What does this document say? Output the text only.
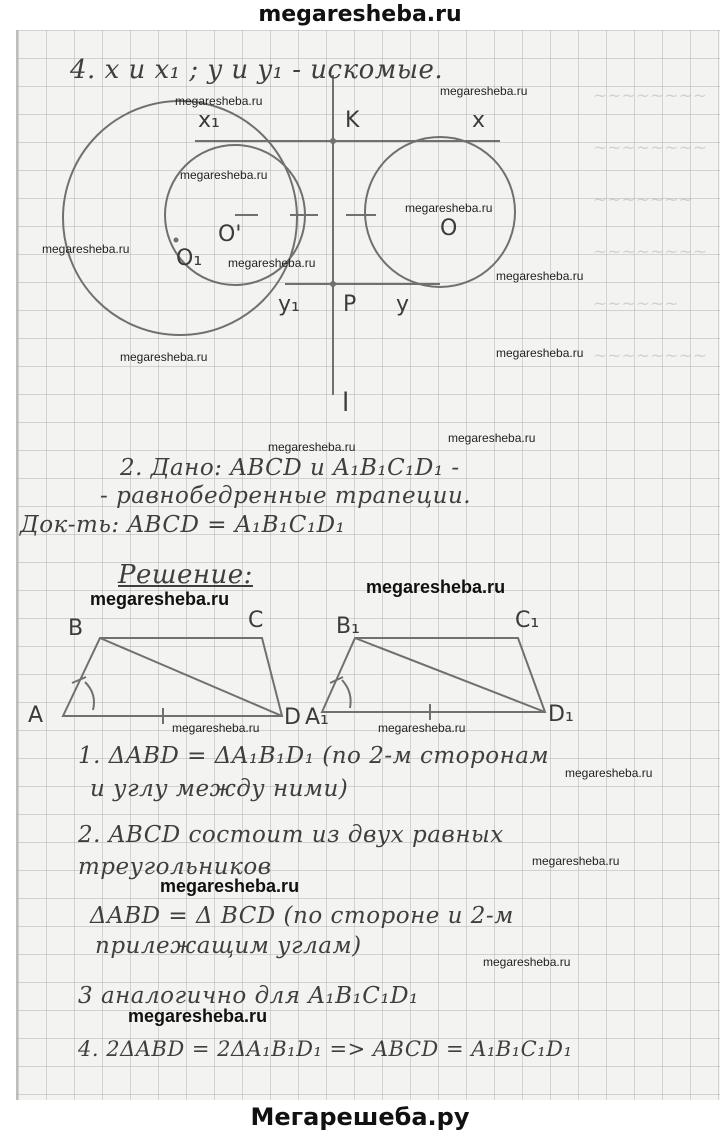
megaresheba.ru
~~~~~~~~
~~~~~~~~
~~~~~~~
~~~~~~~~
~~~~~~
~~~~~~~~
4. x и x₁ ; y и y₁ - искомые.
x₁	K	x
O'	O
O₁
y₁ P y
l
2. Дано: ABCD и A₁B₁C₁D₁ -
- равнобедренные трапеции.
Док-ть: ABCD = A₁B₁C₁D₁
Решение:
B	C
A	D
B₁	C₁
A₁	D₁
1. ΔABD = ΔA₁B₁D₁ (по 2-м сторонам
и углу между ними)
2. ABCD состоит из двух равных
треугольников
ΔABD = Δ BCD (по стороне и 2-м
прилежащим углам)
3 аналогично для A₁B₁C₁D₁
4. 2ΔABD = 2ΔA₁B₁D₁ => ABCD = A₁B₁C₁D₁
megaresheba.ru
megaresheba.ru
megaresheba.ru
megaresheba.ru
megaresheba.ru
megaresheba.ru
megaresheba.ru
megaresheba.ru	megaresheba.ru
megaresheba.ru
megaresheba.ru
megaresheba.ru	megaresheba.ru
megaresheba.ru
megaresheba.ru
megaresheba.ru
megaresheba.ru
megaresheba.ru
megaresheba.ru
megaresheba.ru
Мегарешеба.ру
